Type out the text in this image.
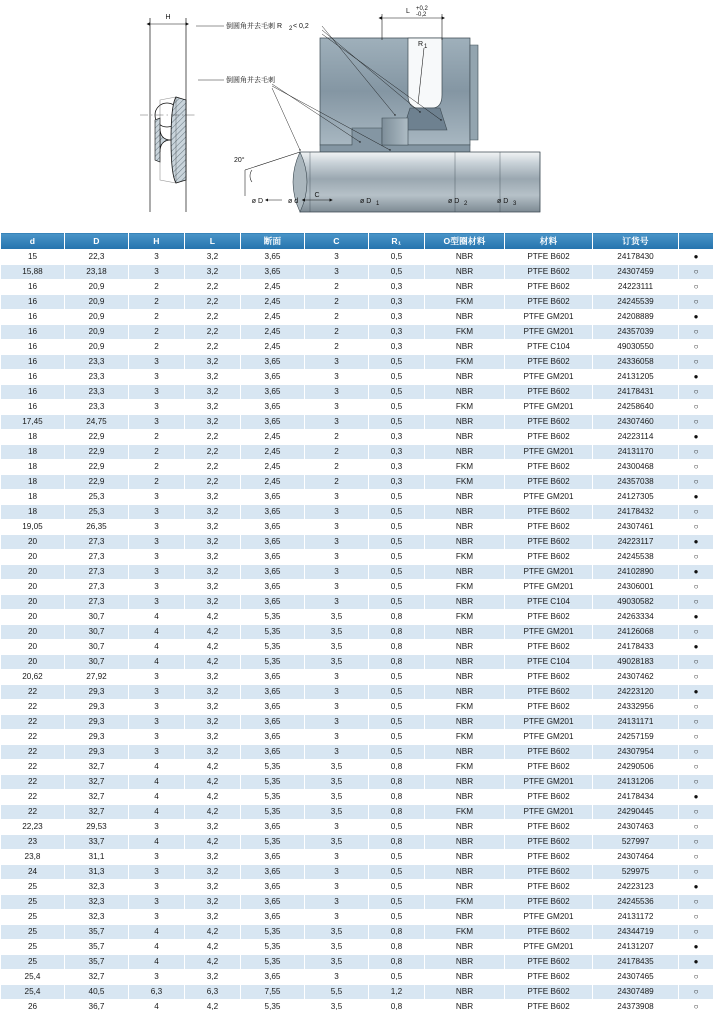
H
20°
C
L +0,2
-0,2
R 1
倒圆角并去毛刺 R 2 < 0,2
倒圆角并去毛刺
ø D	ø d	ø D 1	ø D 2	ø D 3
d	D	H	L	断面	C	R₁	O型圈材料	材料	订货号	
15	22,3	3	3,2	3,65	3	0,5	NBR	PTFE B602	24178430	●
15,88	23,18	3	3,2	3,65	3	0,5	NBR	PTFE B602	24307459	○
16	20,9	2	2,2	2,45	2	0,3	NBR	PTFE B602	24223111	○
16	20,9	2	2,2	2,45	2	0,3	FKM	PTFE B602	24245539	○
16	20,9	2	2,2	2,45	2	0,3	NBR	PTFE GM201	24208889	●
16	20,9	2	2,2	2,45	2	0,3	FKM	PTFE GM201	24357039	○
16	20,9	2	2,2	2,45	2	0,3	NBR	PTFE C104	49030550	○
16	23,3	3	3,2	3,65	3	0,5	FKM	PTFE B602	24336058	○
16	23,3	3	3,2	3,65	3	0,5	NBR	PTFE GM201	24131205	●
16	23,3	3	3,2	3,65	3	0,5	NBR	PTFE B602	24178431	○
16	23,3	3	3,2	3,65	3	0,5	FKM	PTFE GM201	24258640	○
17,45	24,75	3	3,2	3,65	3	0,5	NBR	PTFE B602	24307460	○
18	22,9	2	2,2	2,45	2	0,3	NBR	PTFE B602	24223114	●
18	22,9	2	2,2	2,45	2	0,3	NBR	PTFE GM201	24131170	○
18	22,9	2	2,2	2,45	2	0,3	FKM	PTFE B602	24300468	○
18	22,9	2	2,2	2,45	2	0,3	FKM	PTFE B602	24357038	○
18	25,3	3	3,2	3,65	3	0,5	NBR	PTFE GM201	24127305	●
18	25,3	3	3,2	3,65	3	0,5	NBR	PTFE B602	24178432	○
19,05	26,35	3	3,2	3,65	3	0,5	NBR	PTFE B602	24307461	○
20	27,3	3	3,2	3,65	3	0,5	NBR	PTFE B602	24223117	●
20	27,3	3	3,2	3,65	3	0,5	FKM	PTFE B602	24245538	○
20	27,3	3	3,2	3,65	3	0,5	NBR	PTFE GM201	24102890	●
20	27,3	3	3,2	3,65	3	0,5	FKM	PTFE GM201	24306001	○
20	27,3	3	3,2	3,65	3	0,5	NBR	PTFE C104	49030582	○
20	30,7	4	4,2	5,35	3,5	0,8	FKM	PTFE B602	24263334	●
20	30,7	4	4,2	5,35	3,5	0,8	NBR	PTFE GM201	24126068	○
20	30,7	4	4,2	5,35	3,5	0,8	NBR	PTFE B602	24178433	●
20	30,7	4	4,2	5,35	3,5	0,8	NBR	PTFE C104	49028183	○
20,62	27,92	3	3,2	3,65	3	0,5	NBR	PTFE B602	24307462	○
22	29,3	3	3,2	3,65	3	0,5	NBR	PTFE B602	24223120	●
22	29,3	3	3,2	3,65	3	0,5	FKM	PTFE B602	24332956	○
22	29,3	3	3,2	3,65	3	0,5	NBR	PTFE GM201	24131171	○
22	29,3	3	3,2	3,65	3	0,5	FKM	PTFE GM201	24257159	○
22	29,3	3	3,2	3,65	3	0,5	NBR	PTFE B602	24307954	○
22	32,7	4	4,2	5,35	3,5	0,8	FKM	PTFE B602	24290506	○
22	32,7	4	4,2	5,35	3,5	0,8	NBR	PTFE GM201	24131206	○
22	32,7	4	4,2	5,35	3,5	0,8	NBR	PTFE B602	24178434	●
22	32,7	4	4,2	5,35	3,5	0,8	FKM	PTFE GM201	24290445	○
22,23	29,53	3	3,2	3,65	3	0,5	NBR	PTFE B602	24307463	○
23	33,7	4	4,2	5,35	3,5	0,8	NBR	PTFE B602	527997	○
23,8	31,1	3	3,2	3,65	3	0,5	NBR	PTFE B602	24307464	○
24	31,3	3	3,2	3,65	3	0,5	NBR	PTFE B602	529975	○
25	32,3	3	3,2	3,65	3	0,5	NBR	PTFE B602	24223123	●
25	32,3	3	3,2	3,65	3	0,5	FKM	PTFE B602	24245536	○
25	32,3	3	3,2	3,65	3	0,5	NBR	PTFE GM201	24131172	○
25	35,7	4	4,2	5,35	3,5	0,8	FKM	PTFE B602	24344719	○
25	35,7	4	4,2	5,35	3,5	0,8	NBR	PTFE GM201	24131207	●
25	35,7	4	4,2	5,35	3,5	0,8	NBR	PTFE B602	24178435	●
25,4	32,7	3	3,2	3,65	3	0,5	NBR	PTFE B602	24307465	○
25,4	40,5	6,3	6,3	7,55	5,5	1,2	NBR	PTFE B602	24307489	○
26	36,7	4	4,2	5,35	3,5	0,8	NBR	PTFE B602	24373908	○
